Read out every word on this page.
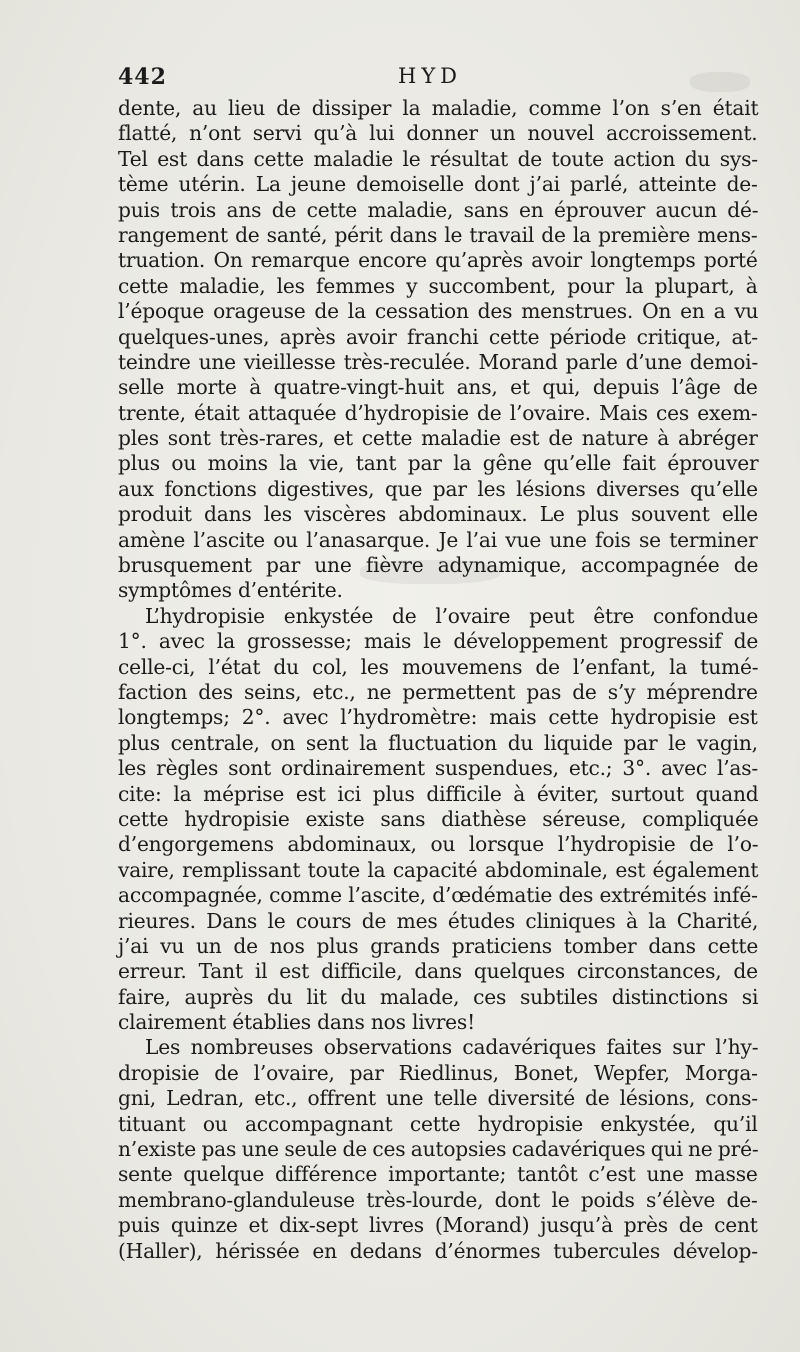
442	HYD
dente, au lieu de dissiper la maladie, comme l’on s’en était
flatté, n’ont servi qu’à lui donner un nouvel accroissement.
Tel est dans cette maladie le résultat de toute action du sys-
tème utérin. La jeune demoiselle dont j’ai parlé, atteinte de-
puis trois ans de cette maladie, sans en éprouver aucun dé-
rangement de santé, périt dans le travail de la première mens-
truation. On remarque encore qu’après avoir longtemps porté
cette maladie, les femmes y succombent, pour la plupart, à
l’époque orageuse de la cessation des menstrues. On en a vu
quelques-unes, après avoir franchi cette période critique, at-
teindre une vieillesse très-reculée. Morand parle d’une demoi-
selle morte à quatre-vingt-huit ans, et qui, depuis l’âge de
trente, était attaquée d’hydropisie de l’ovaire. Mais ces exem-
ples sont très-rares, et cette maladie est de nature à abréger
plus ou moins la vie, tant par la gêne qu’elle fait éprouver
aux fonctions digestives, que par les lésions diverses qu’elle
produit dans les viscères abdominaux. Le plus souvent elle
amène l’ascite ou l’anasarque. Je l’ai vue une fois se terminer
brusquement par une fièvre adynamique, accompagnée de
symptômes d’entérite.
L’hydropisie enkystée de l’ovaire peut être confondue
1°. avec la grossesse; mais le développement progressif de
celle-ci, l’état du col, les mouvemens de l’enfant, la tumé-
faction des seins, etc., ne permettent pas de s’y méprendre
longtemps; 2°. avec l’hydromètre: mais cette hydropisie est
plus centrale, on sent la fluctuation du liquide par le vagin,
les règles sont ordinairement suspendues, etc.; 3°. avec l’as-
cite: la méprise est ici plus difficile à éviter, surtout quand
cette hydropisie existe sans diathèse séreuse, compliquée
d’engorgemens abdominaux, ou lorsque l’hydropisie de l’o-
vaire, remplissant toute la capacité abdominale, est également
accompagnée, comme l’ascite, d’œdématie des extrémités infé-
rieures. Dans le cours de mes études cliniques à la Charité,
j’ai vu un de nos plus grands praticiens tomber dans cette
erreur. Tant il est difficile, dans quelques circonstances, de
faire, auprès du lit du malade, ces subtiles distinctions si
clairement établies dans nos livres!
Les nombreuses observations cadavériques faites sur l’hy-
dropisie de l’ovaire, par Riedlinus, Bonet, Wepfer, Morga-
gni, Ledran, etc., offrent une telle diversité de lésions, cons-
tituant ou accompagnant cette hydropisie enkystée, qu’il
n’existe pas une seule de ces autopsies cadavériques qui ne pré-
sente quelque différence importante; tantôt c’est une masse
membrano-glanduleuse très-lourde, dont le poids s’élève de-
puis quinze et dix-sept livres (Morand) jusqu’à près de cent
(Haller), hérissée en dedans d’énormes tubercules dévelop-
